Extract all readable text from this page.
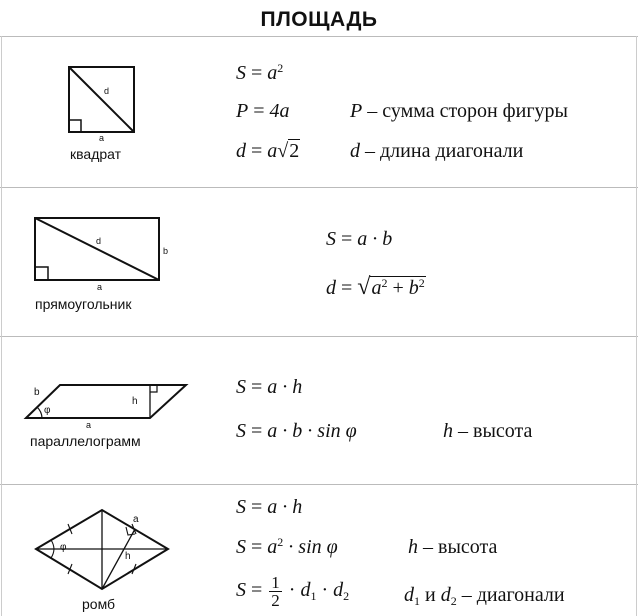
ПЛОЩАДЬ
d
a
квадрат
$S = a^2$
P = 4a	P – сумма сторон фигуры
d = a√2	d – длина диагонали
d
a
b
прямоугольник
S = a · b
$d = √a^2 + b^2$
b
φ
h
a
параллелограмм
S = a · h
S = a · b · sin φ	h – высота
a
φ
h
ромб
S = a · h
$S = a^2 \cdot \sin \varphi$	h – высота
$S = \frac{1}{2} \cdot d_1 \cdot d_2$	$d_1$ и $d_2$ – диагонали
